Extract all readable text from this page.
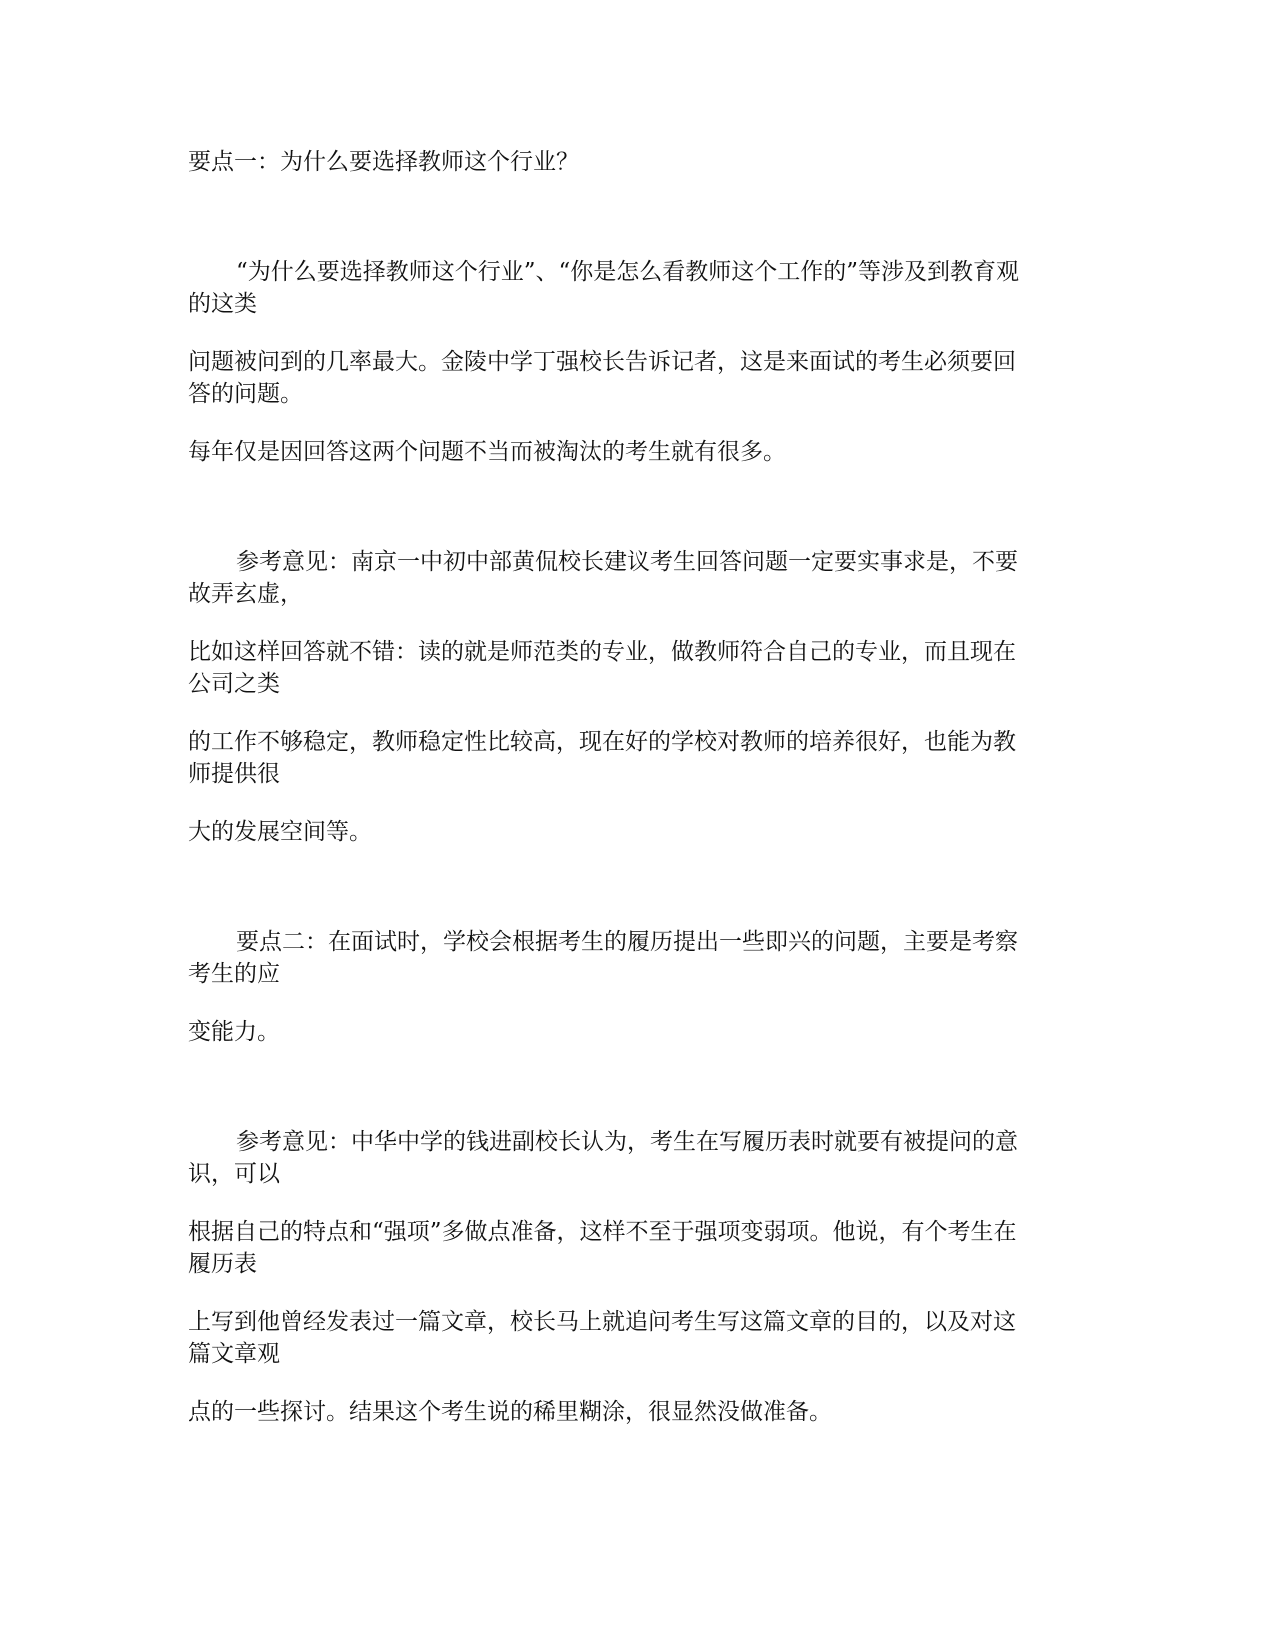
要点一：为什么要选择教师这个行业？

“为什么要选择教师这个行业”、“你是怎么看教师这个工作的”等涉及到教育观

的这类

问题被问到的几率最大。金陵中学丁强校长告诉记者，这是来面试的考生必须要回

答的问题。

每年仅是因回答这两个问题不当而被淘汰的考生就有很多。

参考意见：南京一中初中部黄侃校长建议考生回答问题一定要实事求是，不要

故弄玄虚，

比如这样回答就不错：读的就是师范类的专业，做教师符合自己的专业，而且现在

公司之类

的工作不够稳定，教师稳定性比较高，现在好的学校对教师的培养很好，也能为教

师提供很

大的发展空间等。

要点二：在面试时，学校会根据考生的履历提出一些即兴的问题，主要是考察

考生的应

变能力。

参考意见：中华中学的钱进副校长认为，考生在写履历表时就要有被提问的意

识，可以

根据自己的特点和“强项”多做点准备，这样不至于强项变弱项。他说，有个考生在

履历表

上写到他曾经发表过一篇文章，校长马上就追问考生写这篇文章的目的，以及对这

篇文章观

点的一些探讨。结果这个考生说的稀里糊涂，很显然没做准备。
